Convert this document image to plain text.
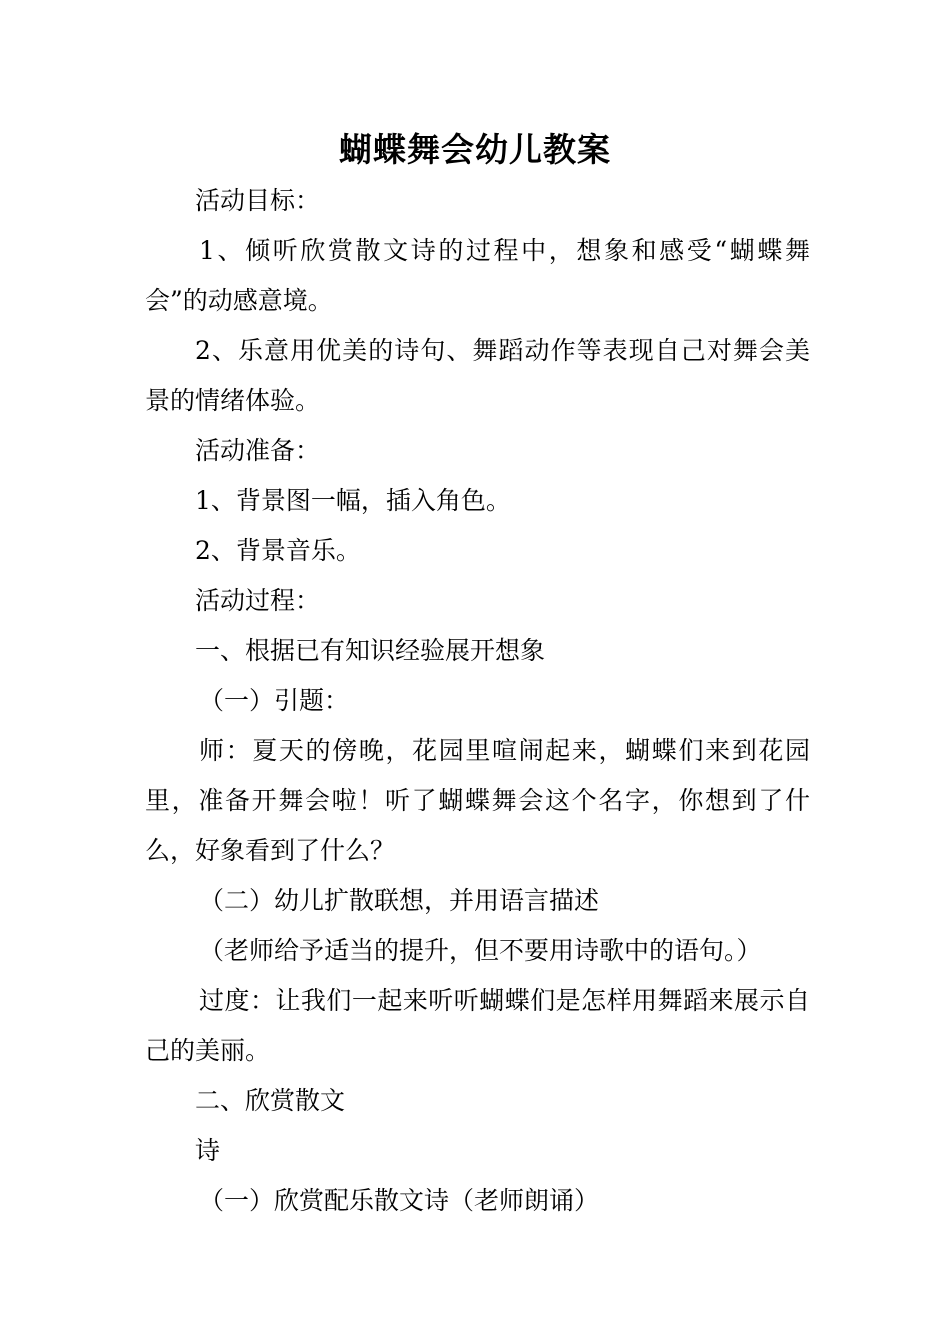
蝴蝶舞会幼儿教案

活动目标：

1、倾听欣赏散文诗的过程中，想象和感受“蝴蝶舞会”的动感意境。

2、乐意用优美的诗句、舞蹈动作等表现自己对舞会美景的情绪体验。

活动准备：

1、背景图一幅，插入角色。

2、背景音乐。

活动过程：

一、根据已有知识经验展开想象

（一）引题：

师：夏天的傍晚，花园里喧闹起来，蝴蝶们来到花园里，准备开舞会啦！听了蝴蝶舞会这个名字，你想到了什么，好象看到了什么？

（二）幼儿扩散联想，并用语言描述

（老师给予适当的提升，但不要用诗歌中的语句。）

过度：让我们一起来听听蝴蝶们是怎样用舞蹈来展示自己的美丽。

二、欣赏散文

诗

（一）欣赏配乐散文诗（老师朗诵）
